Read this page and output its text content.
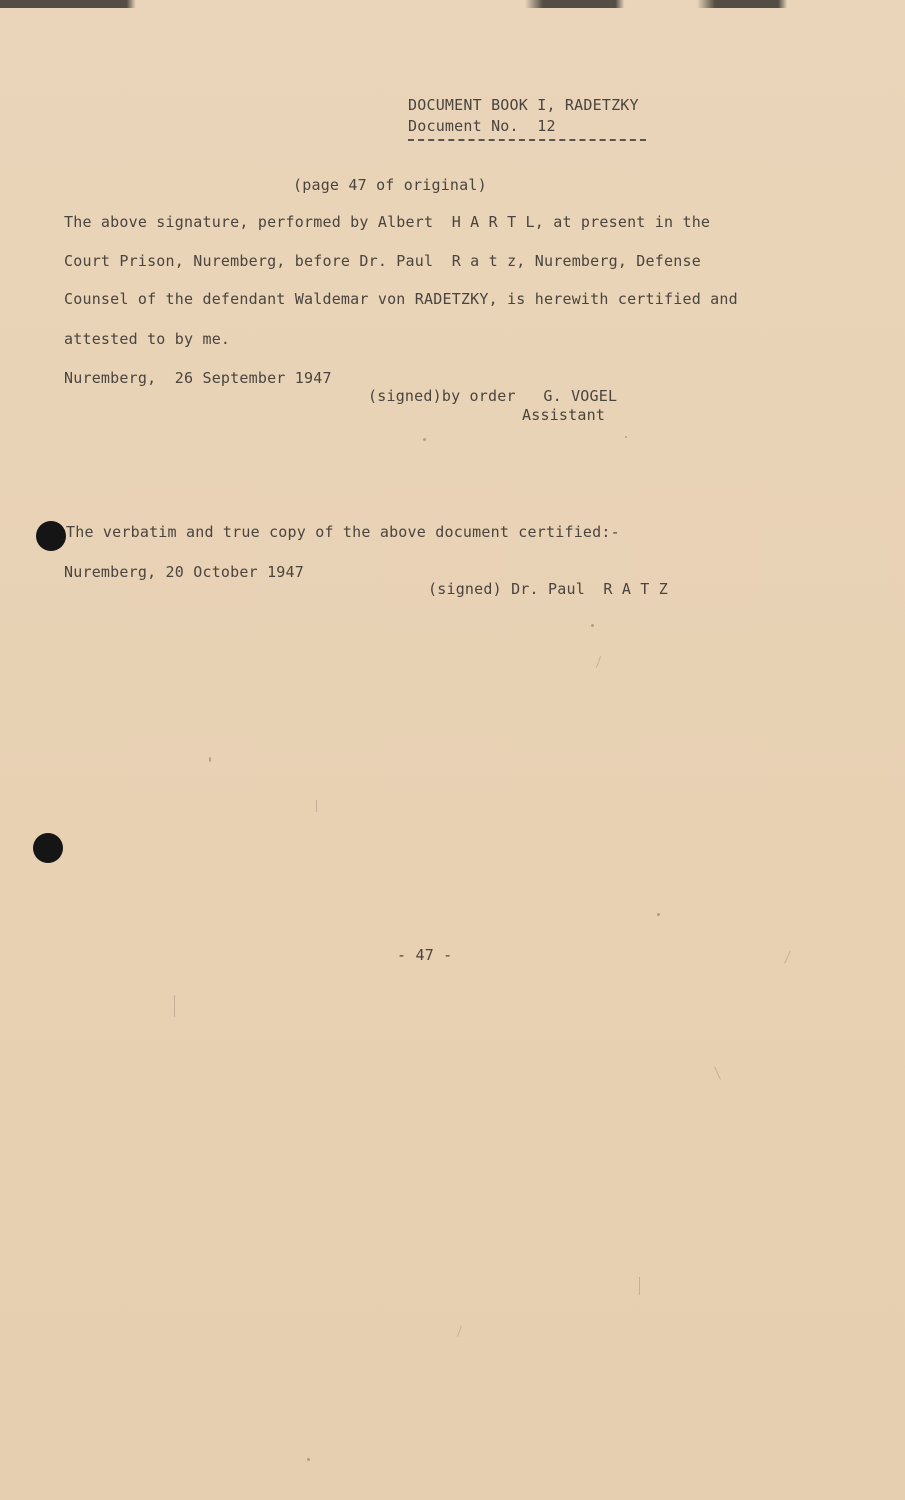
DOCUMENT BOOK I, RADETZKY
Document No.  12
(page 47 of original)
The above signature, performed by Albert  H A R T L, at present in the
Court Prison, Nuremberg, before Dr. Paul  R a t z, Nuremberg, Defense
Counsel of the defendant Waldemar von RADETZKY, is herewith certified and
attested to by me.
Nuremberg,  26 September 1947
(signed)by order   G. VOGEL
Assistant
The verbatim and true copy of the above document certified:-
Nuremberg, 20 October 1947
(signed) Dr. Paul  R A T Z
- 47 -
